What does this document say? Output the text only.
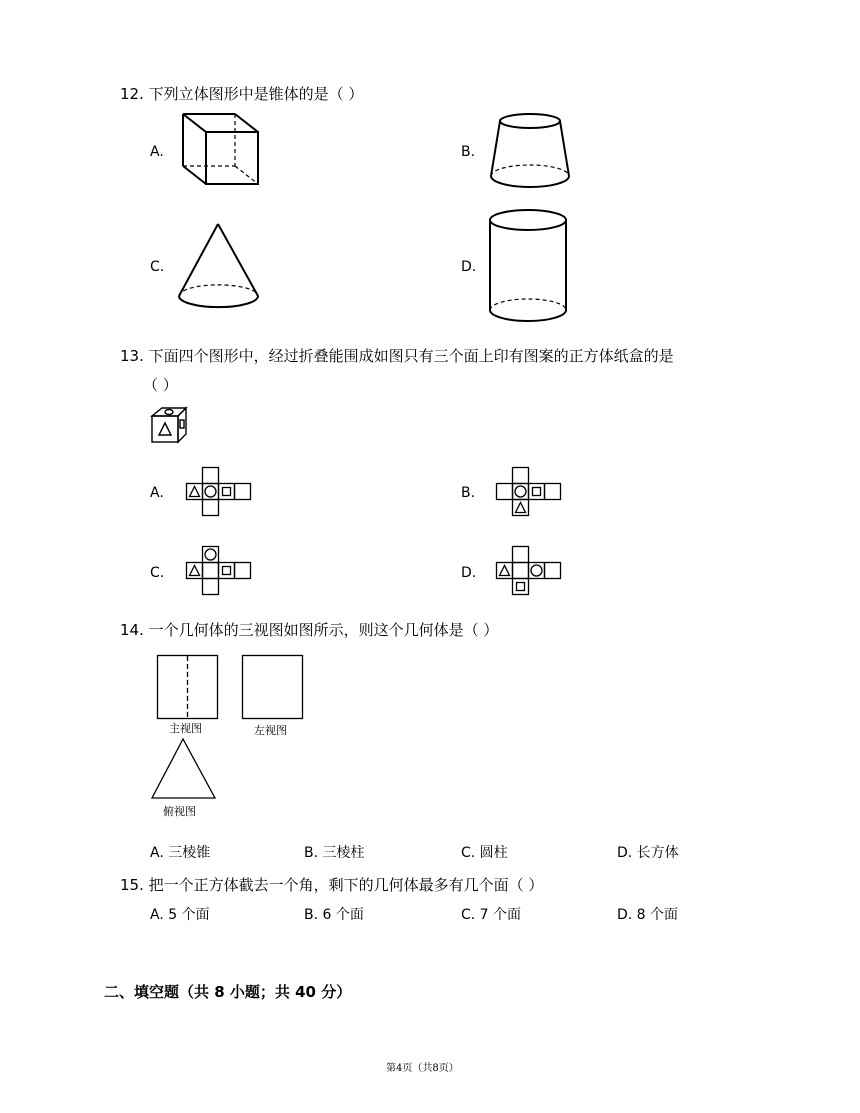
12. 下列立体图形中是锥体的是（ ）
A.	B.
C.	D.
13. 下面四个图形中，经过折叠能围成如图只有三个面上印有图案的正方体纸盒的是
（ ）
A.	B.
C.	D.
14. 一个几何体的三视图如图所示，则这个几何体是（ ）
主视图	左视图
俯视图
A. 三棱锥	B. 三棱柱	C. 圆柱	D. 长方体
15. 把一个正方体截去一个角，剩下的几何体最多有几个面（ ）
A. 5 个面	B. 6 个面	C. 7 个面	D. 8 个面
二、填空题（共 8 小题；共 40 分）
第4页（共8页）
